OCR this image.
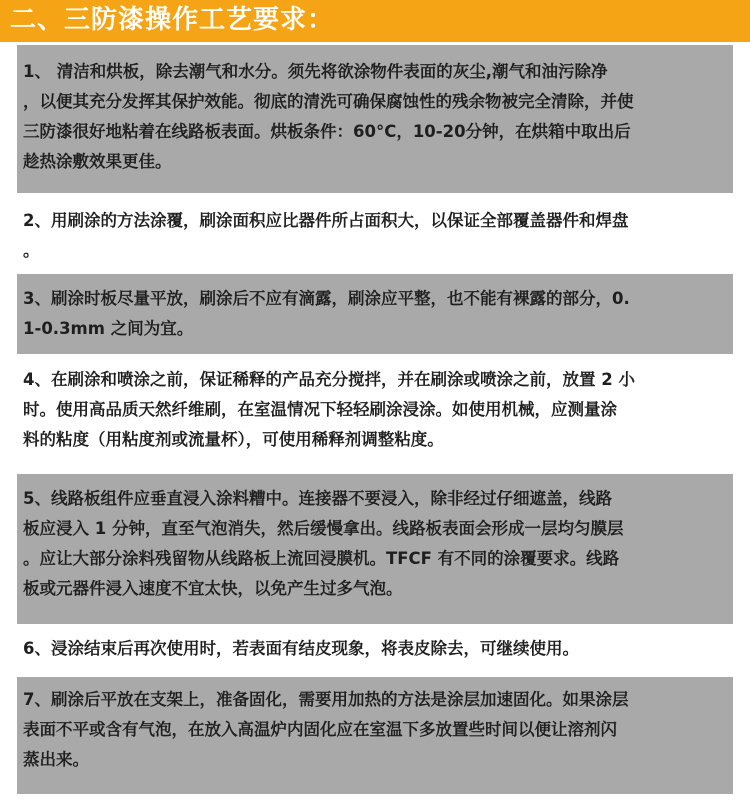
二、三防漆操作工艺要求：

1、 清洁和烘板，除去潮气和水分。须先将欲涂物件表面的灰尘,潮气和油污除净

，以便其充分发挥其保护效能。彻底的清洗可确保腐蚀性的残余物被完全清除，并使

三防漆很好地粘着在线路板表面。烘板条件：60°C，10-20分钟，在烘箱中取出后

趁热涂敷效果更佳。

2、用刷涂的方法涂覆，刷涂面积应比器件所占面积大，以保证全部覆盖器件和焊盘

。

3、刷涂时板尽量平放，刷涂后不应有滴露，刷涂应平整，也不能有裸露的部分，0.

1-0.3mm 之间为宜。

4、在刷涂和喷涂之前，保证稀释的产品充分搅拌，并在刷涂或喷涂之前，放置 2 小

时。使用高品质天然纤维刷，在室温情况下轻轻刷涂浸涂。如使用机械，应测量涂

料的粘度（用粘度剂或流量杯），可使用稀释剂调整粘度。

5、线路板组件应垂直浸入涂料糟中。连接器不要浸入，除非经过仔细遮盖，线路

板应浸入 1 分钟，直至气泡消失，然后缓慢拿出。线路板表面会形成一层均匀膜层

。应让大部分涂料残留物从线路板上流回浸膜机。TFCF 有不同的涂覆要求。线路

板或元器件浸入速度不宜太快，以免产生过多气泡。

6、浸涂结束后再次使用时，若表面有结皮现象，将表皮除去，可继续使用。

7、刷涂后平放在支架上，准备固化，需要用加热的方法是涂层加速固化。如果涂层

表面不平或含有气泡，在放入高温炉内固化应在室温下多放置些时间以便让溶剂闪

蒸出来。
